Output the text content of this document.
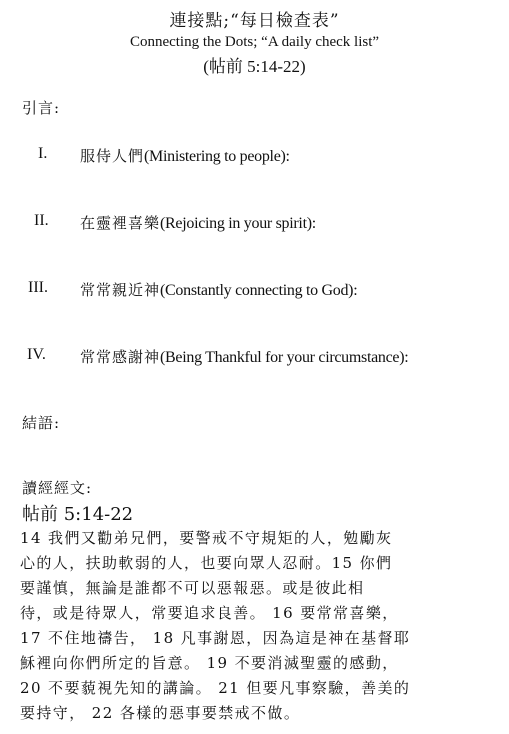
連接點;“每日檢查表”
Connecting the Dots; “A daily check list”
(帖前 5:14-22)
引言:
I. 服侍人們(Ministering to people):
II. 在靈裡喜樂(Rejoicing in your spirit):
III. 常常親近神(Constantly connecting to God):
IV. 常常感謝神(Being Thankful for your circumstance):
結語:
讀經經文:
帖前 5:14-22
14 我們又勸弟兄們，要警戒不守規矩的人，勉勵灰
心的人，扶助軟弱的人，也要向眾人忍耐。15 你們
要謹慎，無論是誰都不可以惡報惡。或是彼此相
待，或是待眾人，常要追求良善。 16 要常常喜樂，
17 不住地禱告， 18 凡事謝恩，因為這是神在基督耶
穌裡向你們所定的旨意。 19 不要消滅聖靈的感動，
20 不要藐視先知的講論。 21 但要凡事察驗，善美的
要持守， 22 各樣的惡事要禁戒不做。
